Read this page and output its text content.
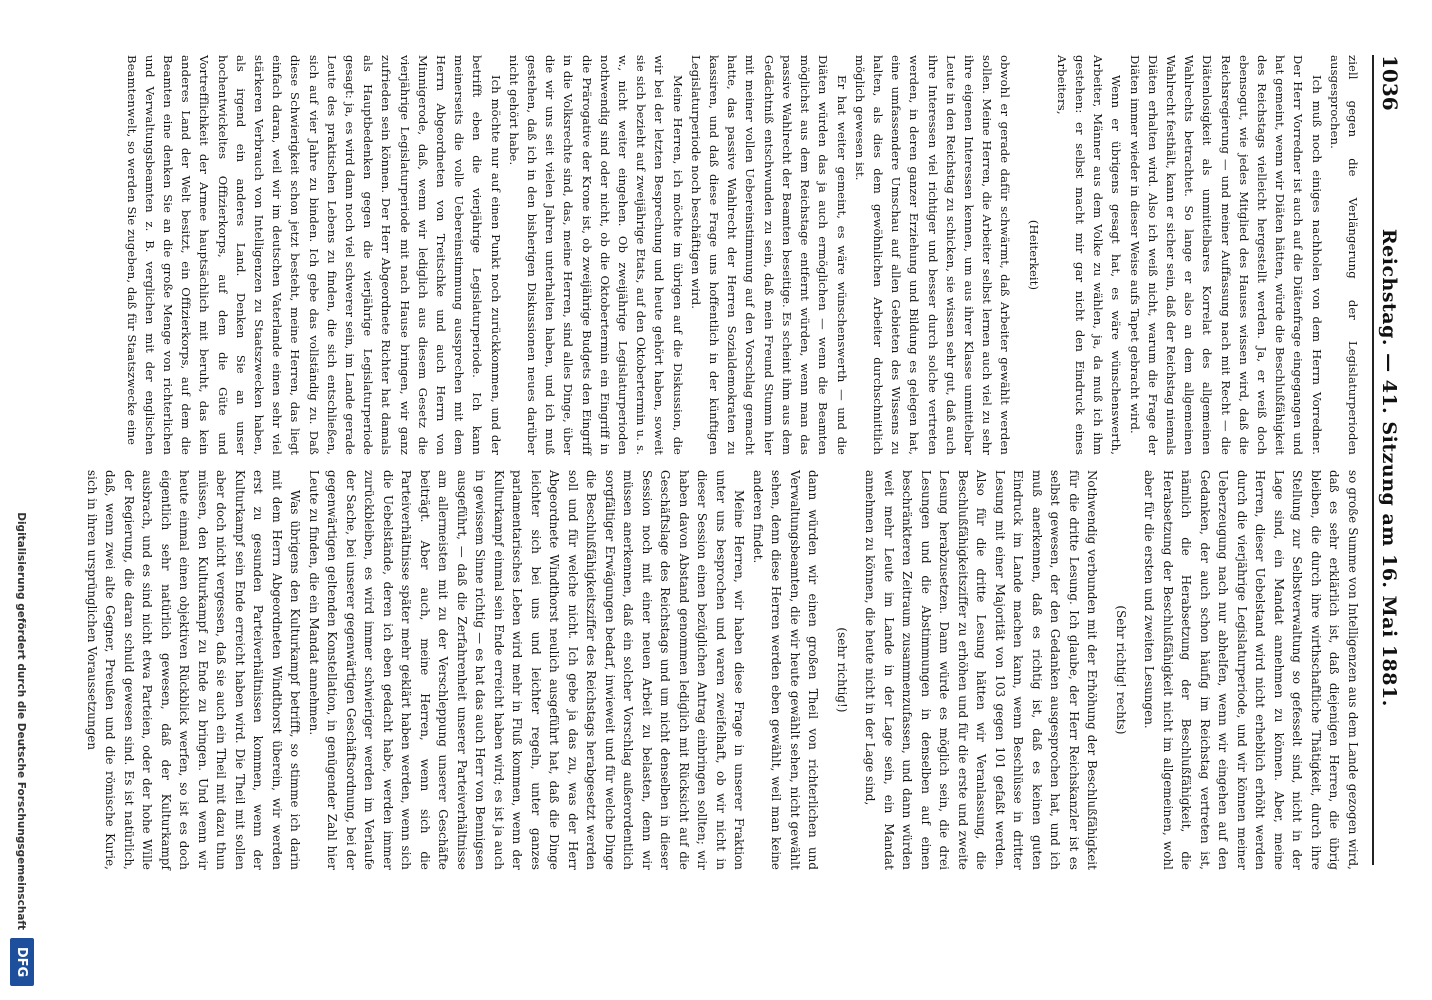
1036
Reichstag. — 41. Sitzung am 16. Mai 1881.

ziell gegen die Verlängerung der Legislaturperioden ausgesprochen.

Ich muß noch einiges nachholen von dem Herrn Vorredner. Der Herr Vorredner ist auch auf die Diätenfrage eingegangen und hat gemeint, wenn wir Diäten hätten, würde die Beschlußfähigkeit des Reichstags vielleicht hergestellt werden. Ja, er weiß doch ebensogut, wie jedes Mitglied des Hauses wissen wird, daß die Reichsregierung — und meiner Auffassung nach mit Recht — die Diätenlosigkeit als unmittelbares Korrelat des allgemeinen Wahlrechts betrachtet. So lange er also an dem allgemeinen Wahlrecht festhält, kann er sicher sein, daß der Reichstag niemals Diäten erhalten wird. Also ich weiß nicht, warum die Frage der Diäten immer wieder in dieser Weise aufs Tapet gebracht wird.

Wenn er übrigens gesagt hat, es wäre wünschenswerth, Arbeiter, Männer aus dem Volke zu wählen, ja, da muß ich ihm gestehen: er selbst macht mir gar nicht den Eindruck eines Arbeiters,

(Heiterkeit)

obwohl er gerade dafür schwärmt, daß Arbeiter gewählt werden sollen. Meine Herren, die Arbeiter selbst lernen auch viel zu sehr ihre eigenen Interessen kennen, um aus ihrer Klasse unmittelbar Leute in den Reichstag zu schicken, sie wissen sehr gut, daß auch ihre Interessen viel richtiger und besser durch solche vertreten werden, in deren ganzer Erziehung und Bildung es gelegen hat, eine umfassendere Umschau auf allen Gebieten des Wissens zu halten, als dies dem gewöhnlichen Arbeiter durchschnittlich möglich gewesen ist.

Er hat weiter gemeint, es wäre wünschenswerth — und die Diäten würden das ja auch ermöglichen — wenn die Beamten möglichst aus dem Reichstage entfernt würden, wenn man das passive Wahlrecht der Beamten beseitige. Es scheint ihm aus dem Gedächtniß entschwunden zu sein, daß mein Freund Stumm hier mit meiner vollen Uebereinstimmung auf den Vorschlag gemacht hatte, das passive Wahlrecht der Herren Sozialdemokraten zu kassiren, und daß diese Frage uns hoffentlich in der künftigen Legislaturperiode noch beschäftigen wird.

Meine Herren, ich möchte im übrigen auf die Diskussion, die wir bei der letzten Besprechung und heute gehört haben, soweit sie sich bezieht auf zweijährige Etats, auf den Oktobertermin u. s. w., nicht weiter eingehen. Ob zweijährige Legislaturperioden nothwendig sind oder nicht, ob die Oktobertermin ein Eingriff in die Prärogative der Krone ist, ob zweijährige Budgets den Eingriff in die Volksrechte sind, das, meine Herren, sind alles Dinge, über die wir uns seit vielen Jahren unterhalten haben, und ich muß gestehen, daß ich in den bisherigen Diskussionen neues darüber nicht gehört habe.

Ich möchte nur auf einen Punkt noch zurückkommen, und der betrifft eben die vierjährige Legislaturperiode. Ich kann meinerseits die volle Uebereinstimmung aussprechen mit dem Herrn Abgeordneten von Treitschke und auch Herrn von Minnigerode, daß, wenn wir lediglich aus diesem Gesetz die vierjährige Legislaturperiode mit nach Hause bringen, wir ganz zufrieden sein können. Der Herr Abgeordnete Richter hat damals als Hauptbedenken gegen die vierjährige Legislaturperiode gesagt: ja, es wird dann noch viel schwerer sein, im Lande gerade Leute des praktischen Lebens zu finden, die sich entschließen, sich auf vier Jahre zu binden. Ich gebe das vollständig zu. Daß diese Schwierigkeit schon jetzt besteht, meine Herren, das liegt einfach daran, weil wir im deutschen Vaterlande einen sehr viel stärkeren Verbrauch von Intelligenzen zu Staatszwecken haben, als irgend ein anderes Land. Denken Sie an unser hochentwickeltes Offizierkorps, auf dem die Güte und Vortrefflichkeit der Armee hauptsächlich mit beruht, das kein anderes Land der Welt besitzt, ein Offizierkorps, auf dem die Beamten eine denken Sie an die große Menge von richterlichen und Verwaltungsbeamten z. B. verglichen mit der englischen Beamtenwelt, so werden Sie zugeben, daß für Staatszwecke eine

so große Summe von Intelligenzen aus dem Lande gezogen wird, daß es sehr erklärlich ist, daß diejenigen Herren, die übrig bleiben, die durch ihre wirthschaftliche Thätigkeit, durch ihre Stellung zur Selbstverwaltung so gefesselt sind, nicht in der Lage sind, ein Mandat annehmen zu können. Aber, meine Herren, dieser Uebelstand wird nicht erheblich erhöht werden durch die vierjährige Legislaturperiode, und wir können meiner Ueberzeugung nach nur abhelfen, wenn wir eingehen auf den Gedanken, der auch schon häufig im Reichstag vertreten ist, nämlich die Herabsetzung der Beschlußfähigkeit, die Herabsetzung der Beschlußfähigkeit nicht im allgemeinen, wohl aber für die ersten und zweiten Lesungen.

(Sehr richtig! rechts)

Nothwendig verbunden mit der Erhöhung der Beschlußfähigkeit für die dritte Lesung. Ich glaube, der Herr Reichskanzler ist es selbst gewesen, der den Gedanken ausgesprochen hat, und ich muß anerkennen, daß es richtig ist, daß es keinen guten Eindruck im Lande machen kann, wenn Beschlüsse in dritter Lesung mit einer Majorität von 103 gegen 101 gefaßt werden. Also für die dritte Lesung hätten wir Veranlassung, die Beschlußfähigkeitsziffer zu erhöhen und für die erste und zweite Lesung herabzusetzen. Dann würde es möglich sein, die drei Lesungen und die Abstimmungen in denselben auf einen beschränkteren Zeitraum zusammenzufassen, und dann würden weit mehr Leute im Lande in der Lage sein, ein Mandat annehmen zu können, die heute nicht in der Lage sind,

(sehr richtig!)

dann würden wir einen großen Theil von richterlichen und Verwaltungsbeamten, die wir heute gewählt sehen, nicht gewählt sehen, denn diese Herren werden eben gewählt, weil man keine anderen findet.

Meine Herren, wir haben diese Frage in unserer Fraktion unter uns besprochen und waren zweifelhaft, ob wir nicht in dieser Session einen bezüglichen Antrag einbringen sollten; wir haben davon Abstand genommen lediglich mit Rücksicht auf die Geschäftslage des Reichstags und um nicht denselben in dieser Session noch mit einer neuen Arbeit zu belasten, denn wir müssen anerkennen, daß ein solcher Vorschlag außerordentlich sorgfältiger Erwägungen bedarf, inwieweit und für welche Dinge die Beschlußfähigkeitsziffer des Reichstags herabgesetzt werden soll und für welche nicht. Ich gebe ja das zu, was der Herr Abgeordnete Windthorst neulich ausgeführt hat, daß die Dinge leichter sich bei uns und leichter regeln, unter ganzes parlamentarisches Leben wird mehr in Fluß kommen, wenn der Kulturkampf einmal sein Ende erreicht haben wird; es ist ja auch in gewissem Sinne richtig — es hat das auch Herr von Bennigsen ausgeführt, — daß die Zerfahrenheit unserer Parteiverhältnisse am allermeisten mit zu der Verschleppung unserer Geschäfte beiträgt. Aber auch, meine Herren, wenn sich die Parteiverhältnisse später mehr geklärt haben werden, wenn sich die Uebelstände, deren ich eben gedacht habe, werden immer zurückbleiben, es wird immer schwieriger werden im Verlaufe der Sache, bei unserer gegenwärtigen Geschäftsordnung, bei der gegenwärtigen geltenden Konstellation, in genügender Zahl hier Leute zu finden, die ein Mandat annehmen.

Was übrigens den Kulturkampf betrifft, so stimme ich darin mit dem Herrn Abgeordneten Windthorst überein, wir werden erst zu gesunden Parteiverhältnissen kommen, wenn der Kulturkampf sein Ende erreicht haben wird. Die Theil mit sollen aber doch nicht vergessen, daß sie auch ein Theil mit dazu thun müssen, den Kulturkampf zu Ende zu bringen. Und wenn wir heute einmal einen objektiven Rückblick werfen, so ist es doch eigentlich sehr natürlich gewesen, daß der Kulturkampf ausbrach, und es sind nicht etwa Parteien, oder der hohe Wille der Regierung, die daran schuld gewesen sind. Es ist natürlich, daß, wenn zwei alte Gegner, Preußen und die römische Kurie, sich in ihren ursprünglichen Voraussetzungen

Digitalisierung gefördert durch die Deutsche Forschungsgemeinschaft
DFG
